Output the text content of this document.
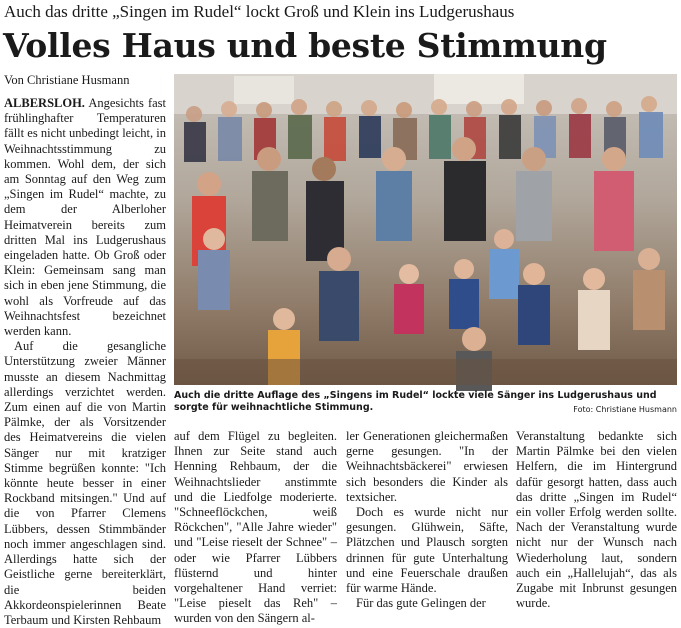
Auch das dritte „Singen im Rudel“ lockt Groß und Klein ins Ludgerushaus
Volles Haus und beste Stimmung
Von Christiane Husmann
Auch die dritte Auflage des „Singens im Rudel“ lockte viele Sänger ins Ludgerushaus und sorgte für weihnachtliche Stimmung.	Foto: Christiane Husmann

ALBERSLOH. Angesichts fast frühlinghafter Temperaturen fällt es nicht unbedingt leicht, in Weihnachtsstimmung zu kommen. Wohl dem, der sich am Sonntag auf den Weg zum „Singen im Rudel“ machte, zu dem der Alberloher Heimatverein bereits zum dritten Mal ins Ludgerushaus eingeladen hatte. Ob Groß oder Klein: Gemeinsam sang man sich in eben jene Stimmung, die wohl als Vorfreude auf das Weihnachtsfest bezeichnet werden kann.

Auf die gesangliche Unterstützung zweier Männer musste an diesem Nachmittag allerdings verzichtet werden. Zum einen auf die von Martin Pälmke, der als Vorsitzender des Heimatvereins die vielen Sänger nur mit kratziger Stimme begrüßen konnte: "Ich könnte heute besser in einer Rockband mitsingen." Und auf die von Pfarrer Clemens Lübbers, dessen Stimmbänder noch immer angeschlagen sind. Allerdings hatte sich der Geistliche gerne bereiterklärt, die beiden Akkordeonspielerinnen Beate Terbaum und Kirsten Rehbaum

auf dem Flügel zu begleiten. Ihnen zur Seite stand auch Henning Rehbaum, der die Weihnachtslieder anstimmte und die Liedfolge moderierte. "Schneeflöckchen, weiß Röckchen", "Alle Jahre wieder" und "Leise rieselt der Schnee" – oder wie Pfarrer Lübbers flüsternd und hinter vorgehaltener Hand verriet: "Leise pieselt das Reh" – wurden von den Sängern al-

ler Generationen gleichermaßen gerne gesungen. "In der Weihnachtsbäckerei" erwiesen sich besonders die Kinder als textsicher.

Doch es wurde nicht nur gesungen. Glühwein, Säfte, Plätzchen und Plausch sorgten drinnen für gute Unterhaltung und eine Feuerschale draußen für warme Hände.

Für das gute Gelingen der

Veranstaltung bedankte sich Martin Pälmke bei den vielen Helfern, die im Hintergrund dafür gesorgt hatten, dass auch das dritte „Singen im Rudel“ ein voller Erfolg werden sollte. Nach der Veranstaltung wurde nicht nur der Wunsch nach Wiederholung laut, sondern auch ein „Hallelujah“, das als Zugabe mit Inbrunst gesungen wurde.
